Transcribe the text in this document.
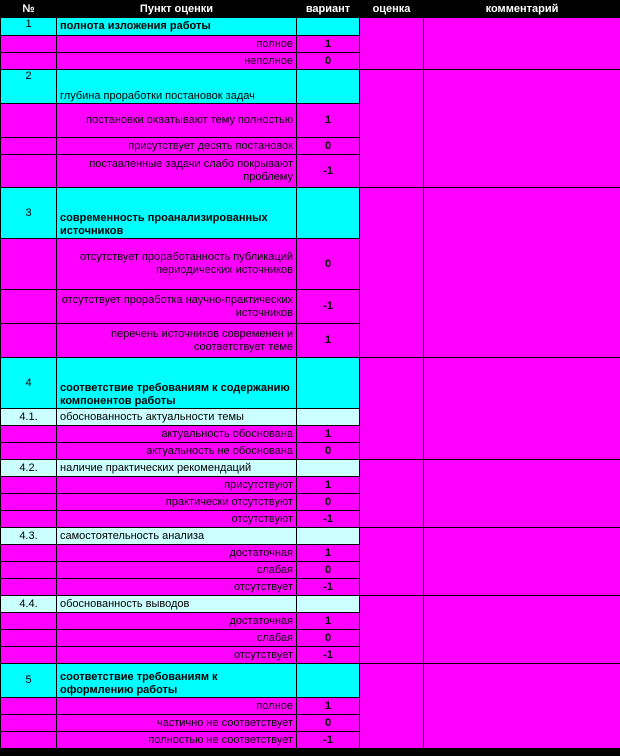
№	Пункт оценки	вариант	оценка	комментарий
1	полнота изложения работы			
	полное	1		
	неполное	0		
2	глубина проработки постановок задач			
	постановки охватывают тему полностью	1		
	присутствует десять постановок	0		
	поставленные задачи слабо покрывают проблему	-1		
3	современность проанализированных источников			
	отсутствует проработанность публикаций периодических источников	0		
	отсутствует проработка научно-практических источников	-1		
	перечень источников современен и соответствует теме	1		
4	соответствие требованиям к содержанию компонентов работы			
4.1.	обоснованность актуальности темы			
	актуальность обоснована	1		
	актуальность не обоснована	0		
4.2.	наличие практических рекомендаций			
	присутствуют	1		
	практически отсутствуют	0		
	отсутствуют	-1		
4.3.	самостоятельность анализа			
	достаточная	1		
	слабая	0		
	отсутствует	-1		
4.4.	обоснованность выводов			
	достаточная	1		
	слабая	0		
	отсутствует	-1		
5	соответствие требованиям к оформлению работы			
	полное	1		
	частично не соответствует	0		
	полностью не соответствует	-1		
